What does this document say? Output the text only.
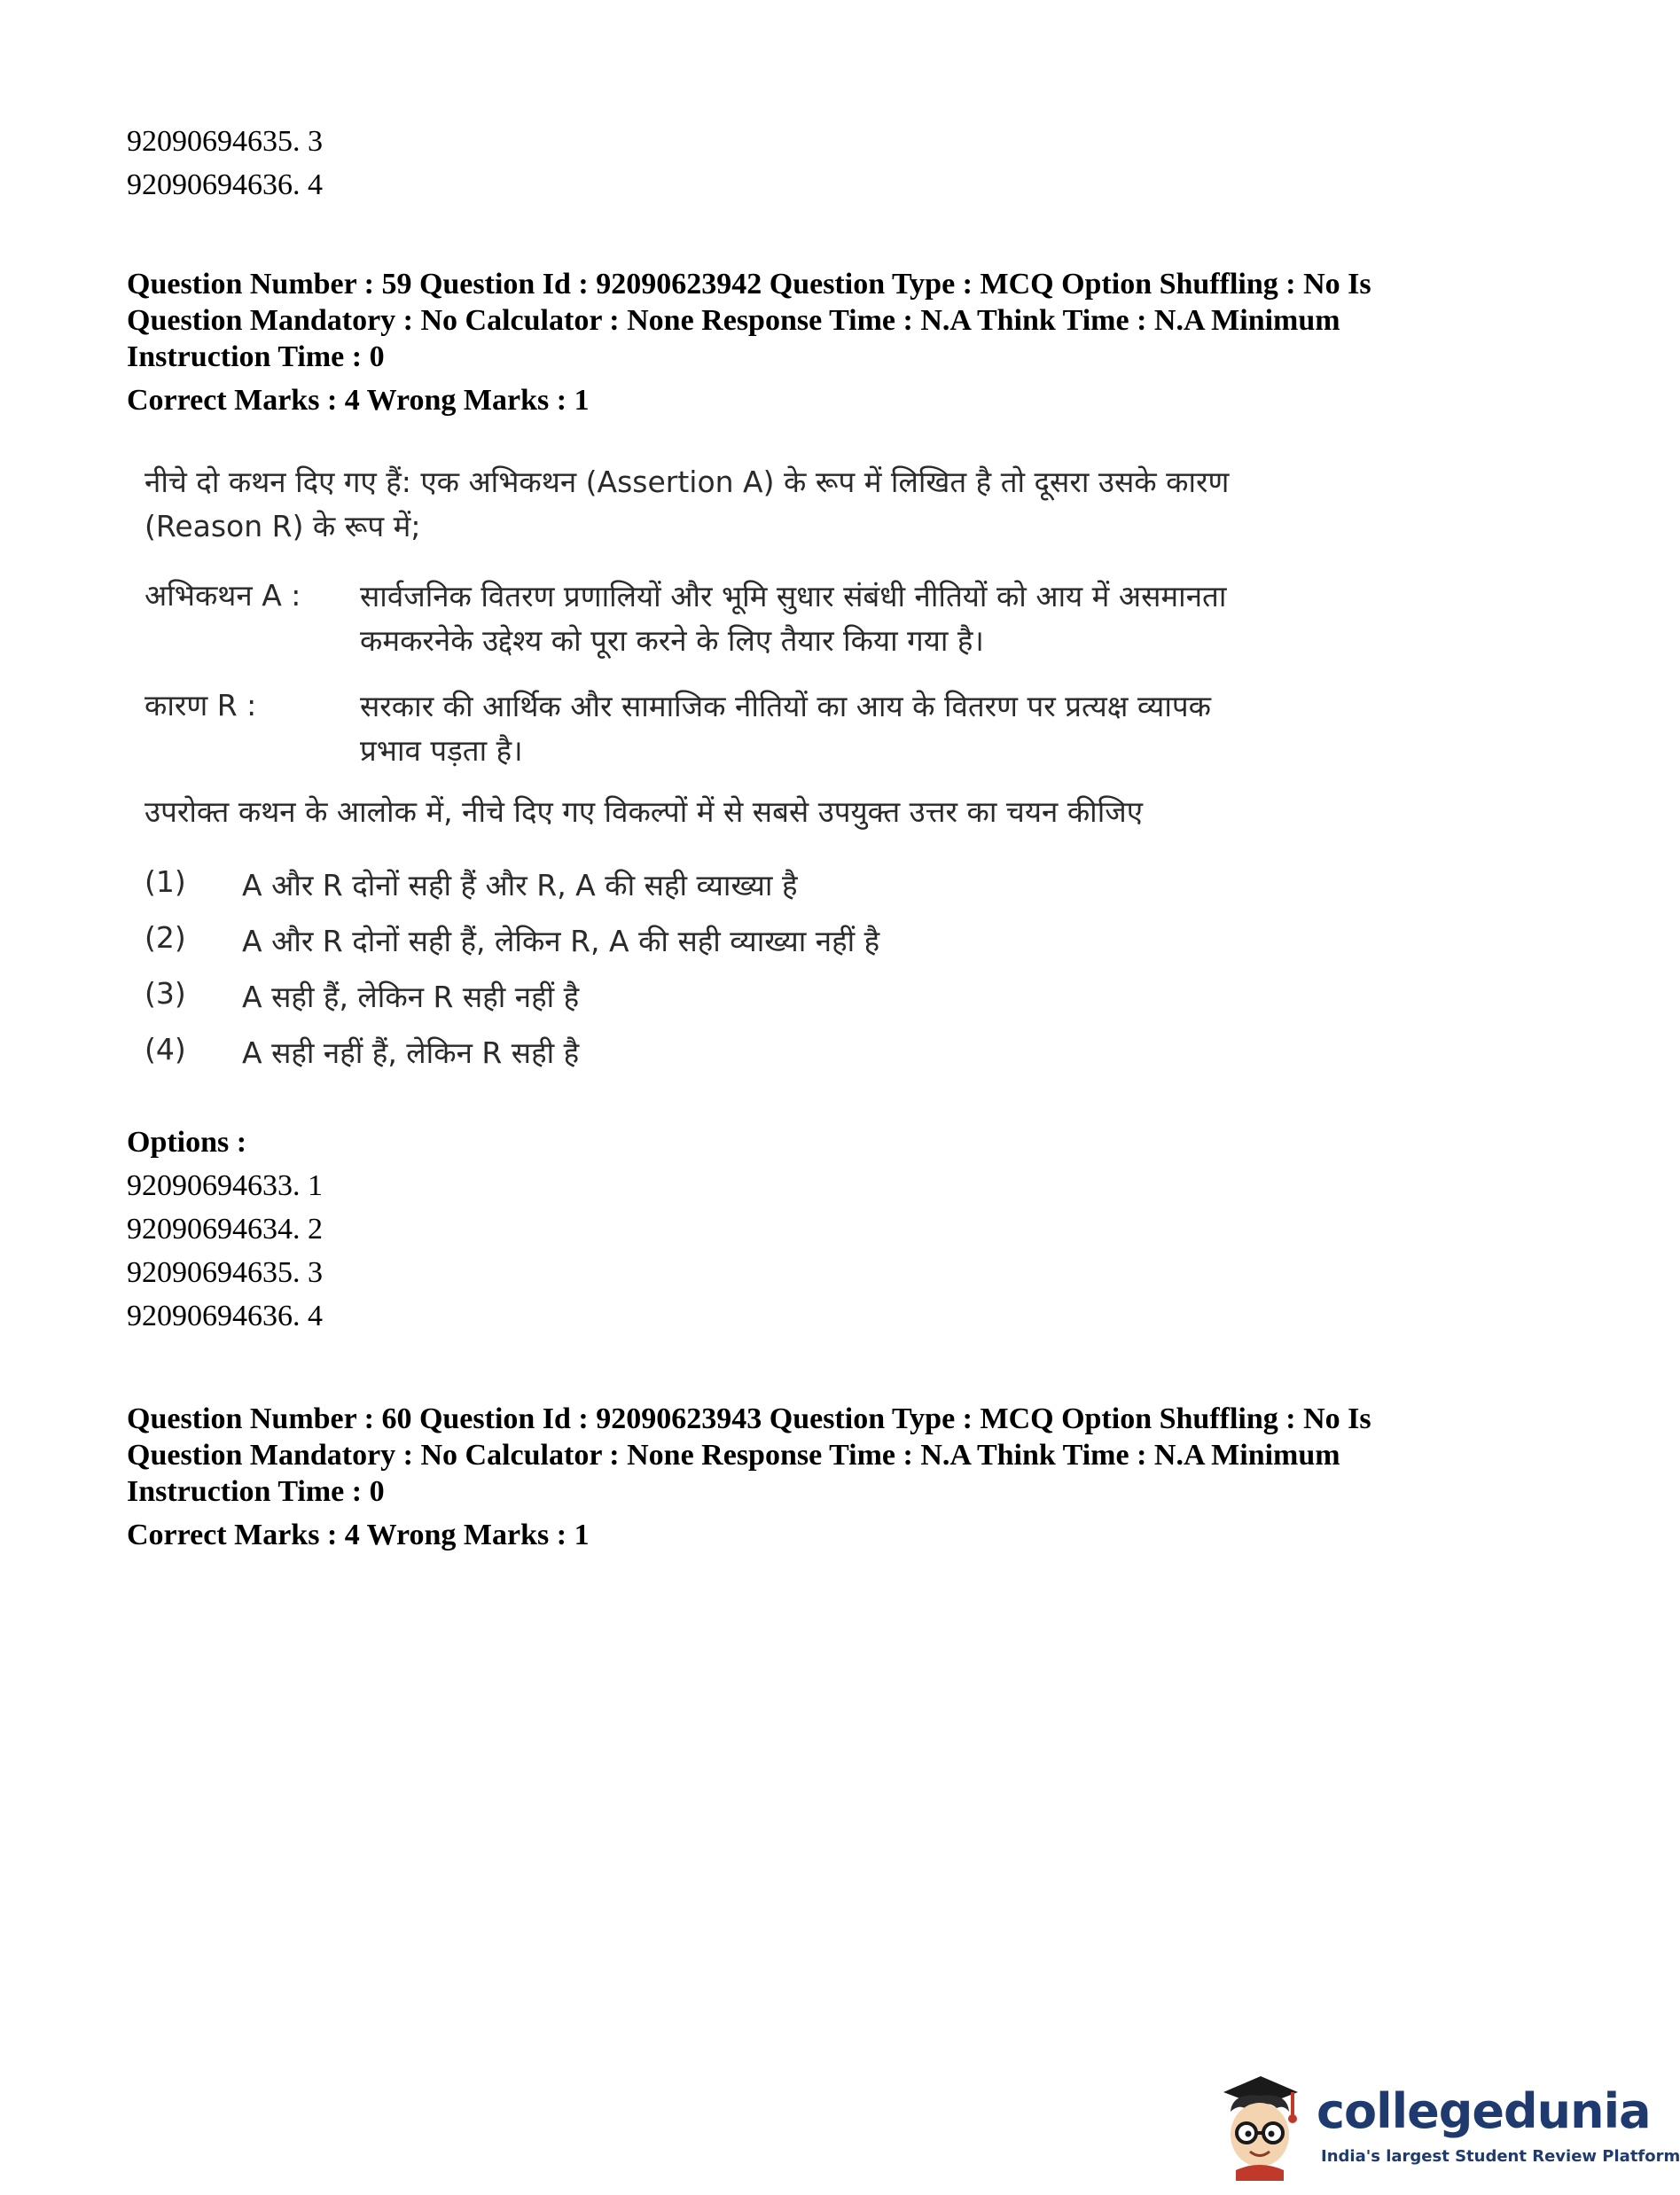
92090694635. 3
92090694636. 4
Question Number : 59 Question Id : 92090623942 Question Type : MCQ Option Shuffling : No Is
Question Mandatory : No Calculator : None Response Time : N.A Think Time : N.A Minimum
Instruction Time : 0
Correct Marks : 4 Wrong Marks : 1
नीचे दो कथन दिए गए हैं: एक अभिकथन (Assertion A) के रूप में लिखित है तो दूसरा उसके कारण
(Reason R) के रूप में;
अभिकथन A : सार्वजनिक वितरण प्रणालियों और भूमि सुधार संबंधी नीतियों को आय में असमानता
कमकरनेके उद्देश्य को पूरा करने के लिए तैयार किया गया है।
कारण R :	सरकार की आर्थिक और सामाजिक नीतियों का आय के वितरण पर प्रत्यक्ष व्यापक
प्रभाव पड़ता है।
उपरोक्त कथन के आलोक में, नीचे दिए गए विकल्पों में से सबसे उपयुक्त उत्तर का चयन कीजिए
(1) A और R दोनों सही हैं और R, A की सही व्याख्या है
(2) A और R दोनों सही हैं, लेकिन R, A की सही व्याख्या नहीं है
(3) A सही हैं, लेकिन R सही नहीं है
(4) A सही नहीं हैं, लेकिन R सही है
Options :
92090694633. 1
92090694634. 2
92090694635. 3
92090694636. 4
Question Number : 60 Question Id : 92090623943 Question Type : MCQ Option Shuffling : No Is
Question Mandatory : No Calculator : None Response Time : N.A Think Time : N.A Minimum
Instruction Time : 0
Correct Marks : 4 Wrong Marks : 1
collegedunia
India's largest Student Review Platform
